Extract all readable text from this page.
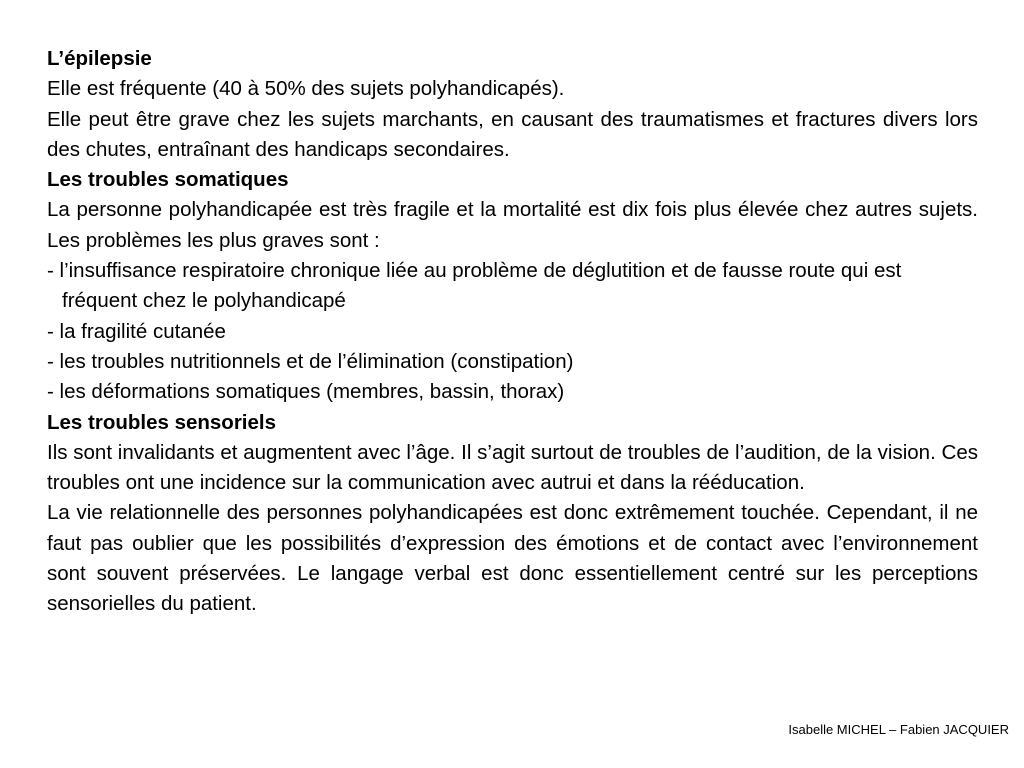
L’épilepsie
Elle est fréquente (40 à 50% des sujets polyhandicapés).
Elle peut être grave chez les sujets marchants, en causant des traumatismes et fractures divers lors des chutes, entraînant des handicaps secondaires.
Les troubles somatiques
La personne polyhandicapée est très fragile et la mortalité est dix fois plus élevée chez autres sujets. Les problèmes les plus graves sont :
- l’insuffisance respiratoire chronique liée au problème de déglutition et de fausse route qui est fréquent chez le polyhandicapé
- la fragilité cutanée
- les troubles nutritionnels et de l’élimination (constipation)
- les déformations somatiques (membres, bassin, thorax)
Les troubles sensoriels
Ils sont invalidants et augmentent avec l’âge. Il s’agit surtout de troubles de l’audition, de la vision. Ces troubles ont une incidence sur la communication avec autrui et dans la rééducation.
La vie relationnelle des personnes polyhandicapées est donc extrêmement touchée. Cependant, il ne faut pas oublier que les possibilités d’expression des émotions et de contact avec l’environnement sont souvent préservées. Le langage verbal est donc essentiellement centré sur les perceptions sensorielles du patient.
Isabelle MICHEL – Fabien JACQUIER
